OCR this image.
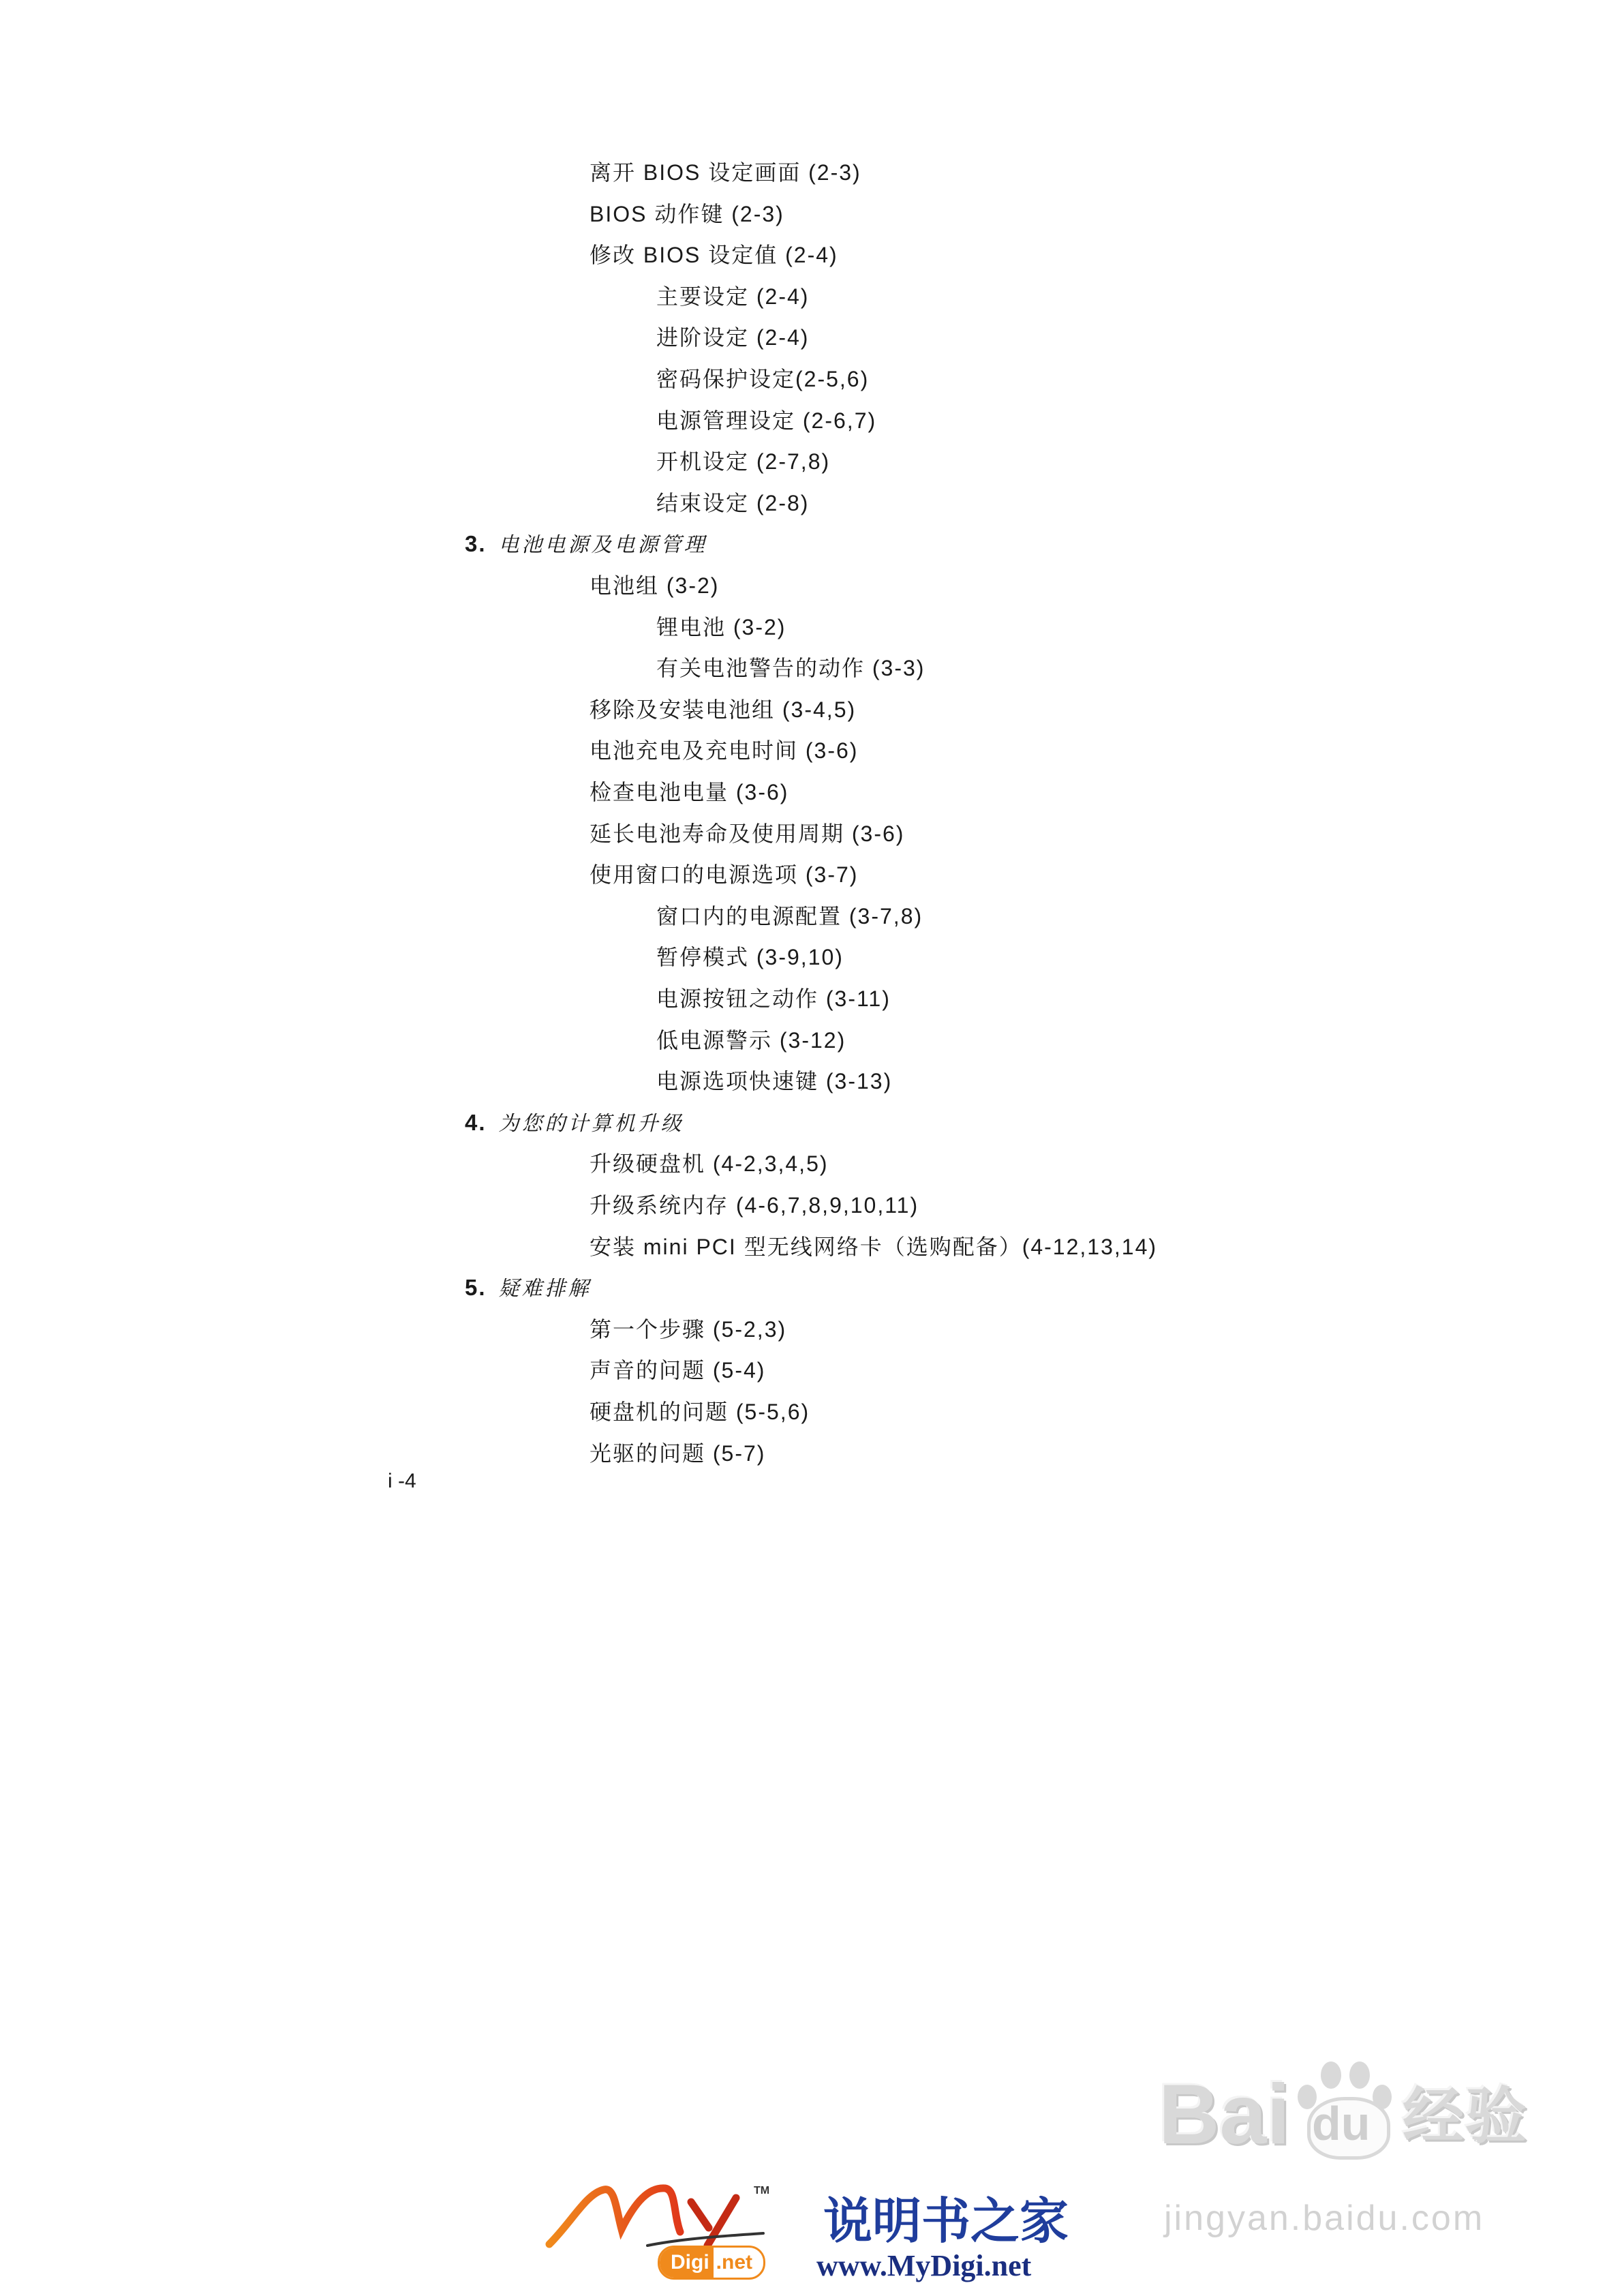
离开 BIOS 设定画面 (2-3)
BIOS 动作键 (2-3)
修改 BIOS 设定值 (2-4)
主要设定 (2-4)
进阶设定 (2-4)
密码保护设定(2-5,6)
电源管理设定 (2-6,7)
开机设定 (2-7,8)
结束设定 (2-8)
3. 电池电源及电源管理
电池组 (3-2)
锂电池 (3-2)
有关电池警告的动作 (3-3)
移除及安装电池组 (3-4,5)
电池充电及充电时间 (3-6)
检查电池电量 (3-6)
延长电池寿命及使用周期 (3-6)
使用窗口的电源选项 (3-7)
窗口内的电源配置 (3-7,8)
暂停模式 (3-9,10)
电源按钮之动作 (3-11)
低电源警示 (3-12)
电源选项快速键 (3-13)
4. 为您的计算机升级
升级硬盘机 (4-2,3,4,5)
升级系统内存 (4-6,7,8,9,10,11)
安装 mini PCI 型无线网络卡（选购配备）(4-12,13,14)
5. 疑难排解
第一个步骤 (5-2,3)
声音的问题 (5-4)
硬盘机的问题 (5-5,6)
光驱的问题 (5-7)
i -4
Bai du 经验
jingyan.baidu.com
TM
Digi .net
说明书之家
www.MyDigi.net
